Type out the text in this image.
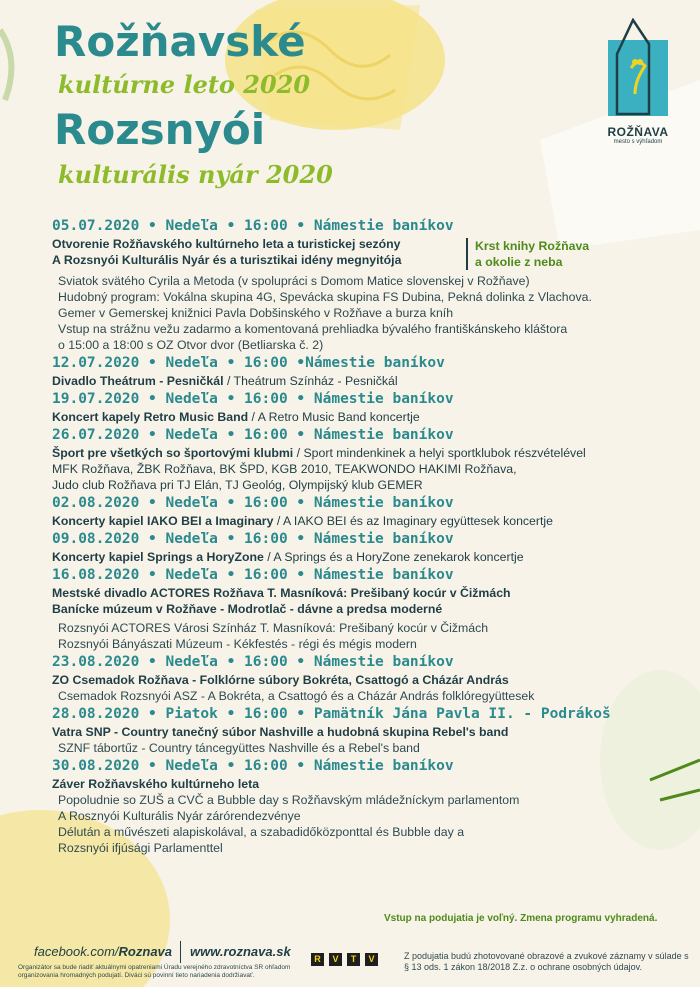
Rožňavské
kultúrne leto 2020
Rozsnyói
kulturális nyár 2020
ROŽŇAVA
mesto s výhľadom
05.07.2020 • Nedeľa • 16:00 • Námestie baníkov
Otvorenie Rožňavského kultúrneho leta a turistickej sezóny
A Rozsnyói Kulturális Nyár és a turisztikai idény megnyitója
Krst knihy Rožňava
a okolie z neba
Sviatok svätého Cyrila a Metoda (v spolupráci s Domom Matice slovenskej v Rožňave)
Hudobný program: Vokálna skupina 4G, Spevácka skupina FS Dubina, Pekná dolinka z Vlachova.
Gemer v Gemerskej knižnici Pavla Dobšinského v Rožňave a burza kníh
Vstup na strážnu vežu zadarmo a komentovaná prehliadka bývalého františkánskeho kláštora
o 15:00 a 18:00 s OZ Otvor dvor (Betliarska č. 2)
12.07.2020 • Nedeľa • 16:00 •Námestie baníkov
Divadlo Theátrum - Pesničkál / Theátrum Színház - Pesničkál
19.07.2020 • Nedeľa • 16:00 • Námestie baníkov
Koncert kapely Retro Music Band / A Retro Music Band koncertje
26.07.2020 • Nedeľa • 16:00 • Námestie baníkov
Šport pre všetkých so športovými klubmi / Sport mindenkinek a helyi sportklubok részvételével
MFK Rožňava, ŽBK Rožňava, BK ŠPD, KGB 2010, TEAKWONDO HAKIMI Rožňava,
Judo club Rožňava pri TJ Elán, TJ Geológ, Olympijský klub GEMER
02.08.2020 • Nedeľa • 16:00 • Námestie baníkov
Koncerty kapiel IAKO BEI a Imaginary / A IAKO BEI és az Imaginary együttesek koncertje
09.08.2020 • Nedeľa • 16:00 • Námestie baníkov
Koncerty kapiel Springs a HoryZone / A Springs és a HoryZone zenekarok koncertje
16.08.2020 • Nedeľa • 16:00 • Námestie baníkov
Mestské divadlo ACTORES Rožňava T. Masníková: Prešibaný kocúr v Čižmách
Banícke múzeum v Rožňave - Modrotlač - dávne a predsa moderné
Rozsnyói ACTORES Városi Színház T. Masníková: Prešibaný kocúr v Čižmách
Rozsnyói Bányászati Múzeum - Kékfestés - régi és mégis modern
23.08.2020 • Nedeľa • 16:00 • Námestie baníkov
ZO Csemadok Rožňava - Folklórne súbory Bokréta, Csattogó a Cházár András
Csemadok Rozsnyói ASZ - A Bokréta, a Csattogó és a Cházár András folklóregyüttesek
28.08.2020 • Piatok • 16:00 • Pamätník Jána Pavla II. - Podrákoš
Vatra SNP - Country tanečný súbor Nashville a hudobná skupina Rebel's band
SZNF tábortűz - Country táncegyüttes Nashville és a Rebel's band
30.08.2020 • Nedeľa • 16:00 • Námestie baníkov
Záver Rožňavského kultúrneho leta
Popoludnie so ZUŠ a CVČ a Bubble day s Rožňavským mládežníckym parlamentom
A Rosznyói Kulturális Nyár zárórendezvénye
Délután a művészeti alapiskolával, a szabadidőközponttal és Bubble day a
Rozsnyói ifjúsági Parlamenttel
Vstup na podujatia je voľný. Zmena programu vyhradená.
facebook.com/Roznava www.roznava.sk
Organizátor sa bude riadiť aktuálnymi opatreniami Úradu verejného zdravotníctva SR ohľadom organizovania hromadných podujatí. Diváci sú povinní tieto nariadenia dodržiavať.
R	V	T	V	Z podujatia budú zhotovované obrazové a zvukové záznamy v súlade s § 13 ods. 1 zákon 18/2018 Z.z. o ochrane osobných údajov.
